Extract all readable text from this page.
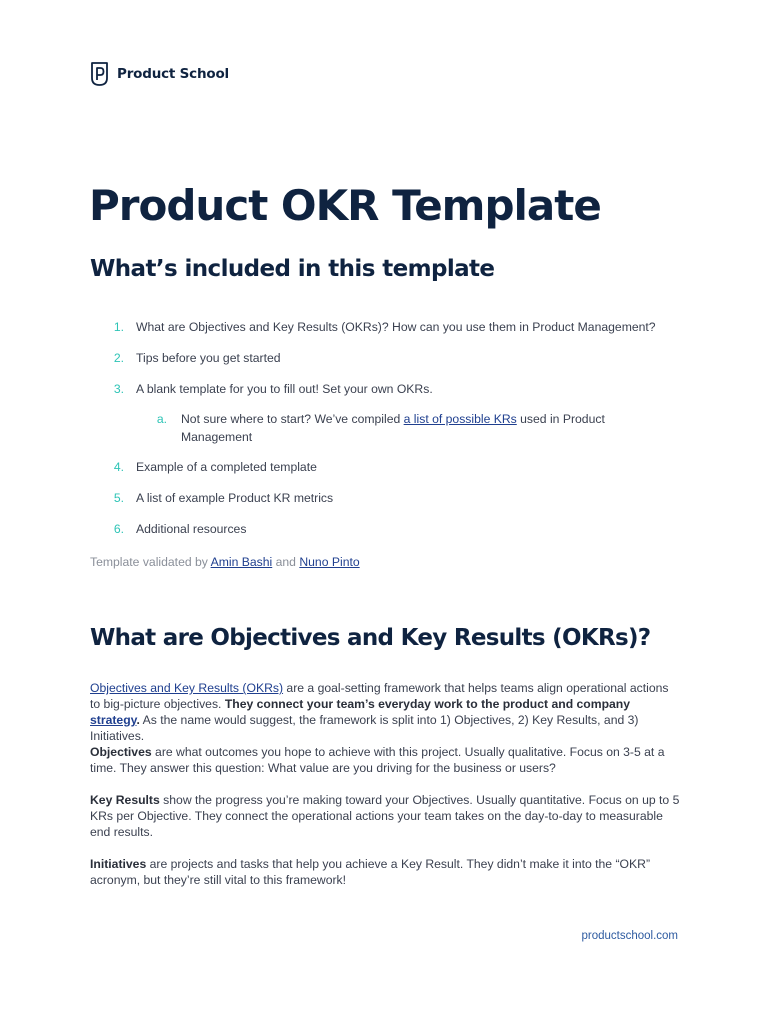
Product School
Product OKR Template
What’s included in this template
1. What are Objectives and Key Results (OKRs)? How can you use them in Product Management?
2. Tips before you get started
3. A blank template for you to fill out! Set your own OKRs.
a. Not sure where to start? We’ve compiled a list of possible KRs used in Product Management
4. Example of a completed template
5. A list of example Product KR metrics
6. Additional resources
Template validated by Amin Bashi and Nuno Pinto
What are Objectives and Key Results (OKRs)?

Objectives and Key Results (OKRs) are a goal-setting framework that helps teams align operational actions to big-picture objectives. They connect your team’s everyday work to the product and company strategy. As the name would suggest, the framework is split into 1) Objectives, 2) Key Results, and 3) Initiatives.

Objectives are what outcomes you hope to achieve with this project. Usually qualitative. Focus on 3-5 at a time. They answer this question: What value are you driving for the business or users?

Key Results show the progress you’re making toward your Objectives. Usually quantitative. Focus on up to 5 KRs per Objective. They connect the operational actions your team takes on the day-to-day to measurable end results.

Initiatives are projects and tasks that help you achieve a Key Result. They didn’t make it into the “OKR” acronym, but they’re still vital to this framework!

productschool.com
